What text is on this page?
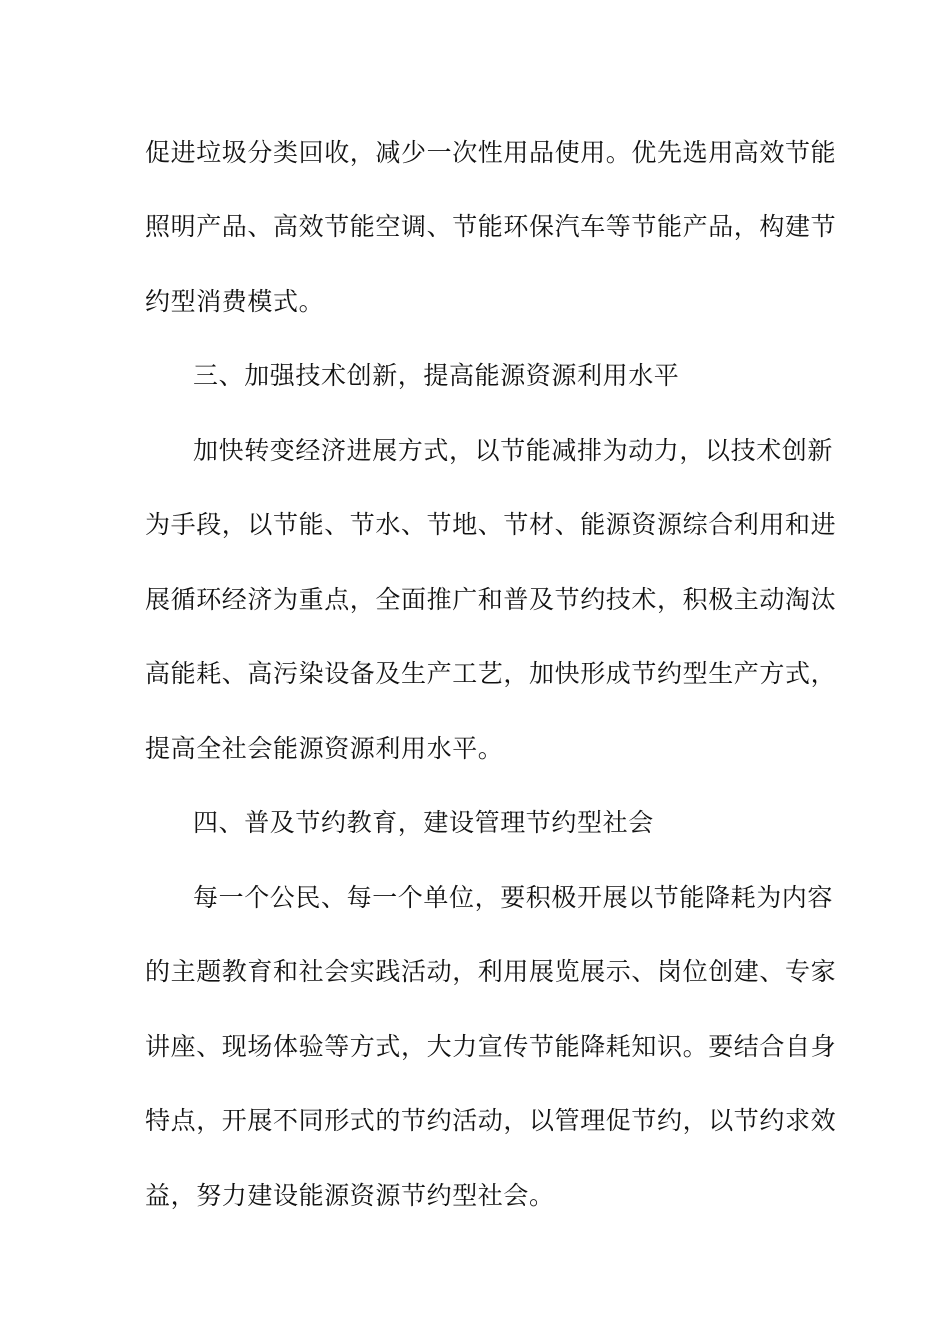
促进垃圾分类回收，减少一次性用品使用。优先选用高效节能
照明产品、高效节能空调、节能环保汽车等节能产品，构建节
约型消费模式。
三、加强技术创新，提高能源资源利用水平
加快转变经济进展方式，以节能减排为动力，以技术创新
为手段，以节能、节水、节地、节材、能源资源综合利用和进
展循环经济为重点，全面推广和普及节约技术，积极主动淘汰
高能耗、高污染设备及生产工艺，加快形成节约型生产方式，
提高全社会能源资源利用水平。
四、普及节约教育，建设管理节约型社会
每一个公民、每一个单位，要积极开展以节能降耗为内容
的主题教育和社会实践活动，利用展览展示、岗位创建、专家
讲座、现场体验等方式，大力宣传节能降耗知识。要结合自身
特点，开展不同形式的节约活动，以管理促节约，以节约求效
益，努力建设能源资源节约型社会。
